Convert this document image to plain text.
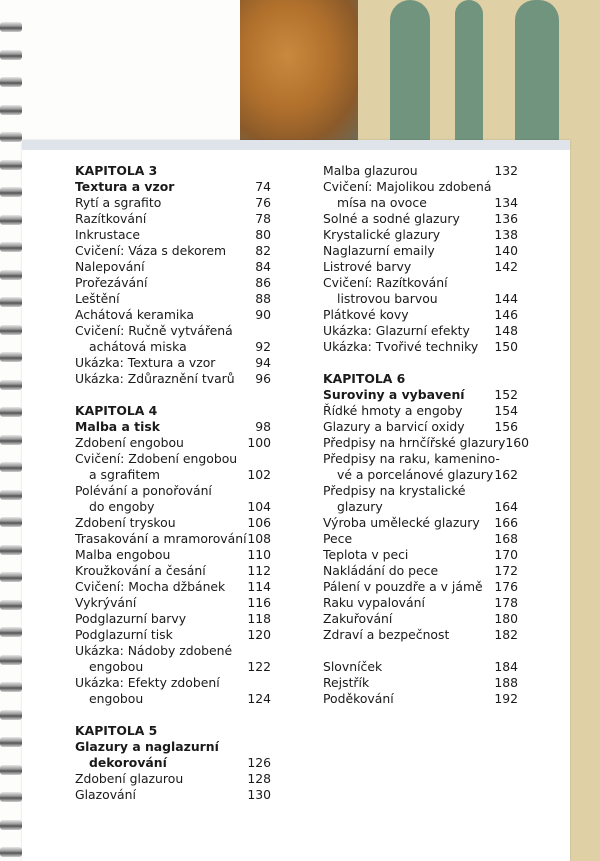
KAPITOLA 3
Textura a vzor	74
Rytí a sgrafito	76
Razítkování	78
Inkrustace	80
Cvičení: Váza s dekorem 82
Nalepování	84
Prořezávání	86
Leštění	88
Achátová keramika	90
Cvičení: Ručně vytvářená
achátová miska	92
Ukázka: Textura a vzor	94
Ukázka: Zdůraznění tvarů 96
KAPITOLA 4
Malba a tisk	98
Zdobení engobou	100
Cvičení: Zdobení engobou
a sgrafitem	102
Polévání a ponořování
do engoby	104
Zdobení tryskou	106
Trasakování a mramorování 108
Malba engobou	110
Kroužkování a česání	112
Cvičení: Mocha džbánek 114
Vykrývání	116
Podglazurní barvy	118
Podglazurní tisk	120
Ukázka: Nádoby zdobené
engobou	122
Ukázka: Efekty zdobení
engobou	124
KAPITOLA 5
Glazury a naglazurní
dekorování	126
Zdobení glazurou	128
Glazování	130
Malba glazurou	132
Cvičení: Majolikou zdobená
mísa na ovoce	134
Solné a sodné glazury	136
Krystalické glazury	138
Naglazurní emaily	140
Listrové barvy	142
Cvičení: Razítkování
listrovou barvou	144
Plátkové kovy	146
Ukázka: Glazurní efekty 148
Ukázka: Tvořivé techniky 150
KAPITOLA 6
Suroviny a vybavení 152
Řídké hmoty a engoby	154
Glazury a barvicí oxidy 156
Předpisy na hrnčířské glazury 160
Předpisy na raku, kamenino-
vé a porcelánové glazury 162
Předpisy na krystalické
glazury	164
Výroba umělecké glazury 166
Pece	168
Teplota v peci	170
Nakládání do pece	172
Pálení v pouzdře a v jámě 176
Raku vypalování	178
Zakuřování	180
Zdraví a bezpečnost	182
Slovníček	184
Rejstřík	188
Poděkování	192
